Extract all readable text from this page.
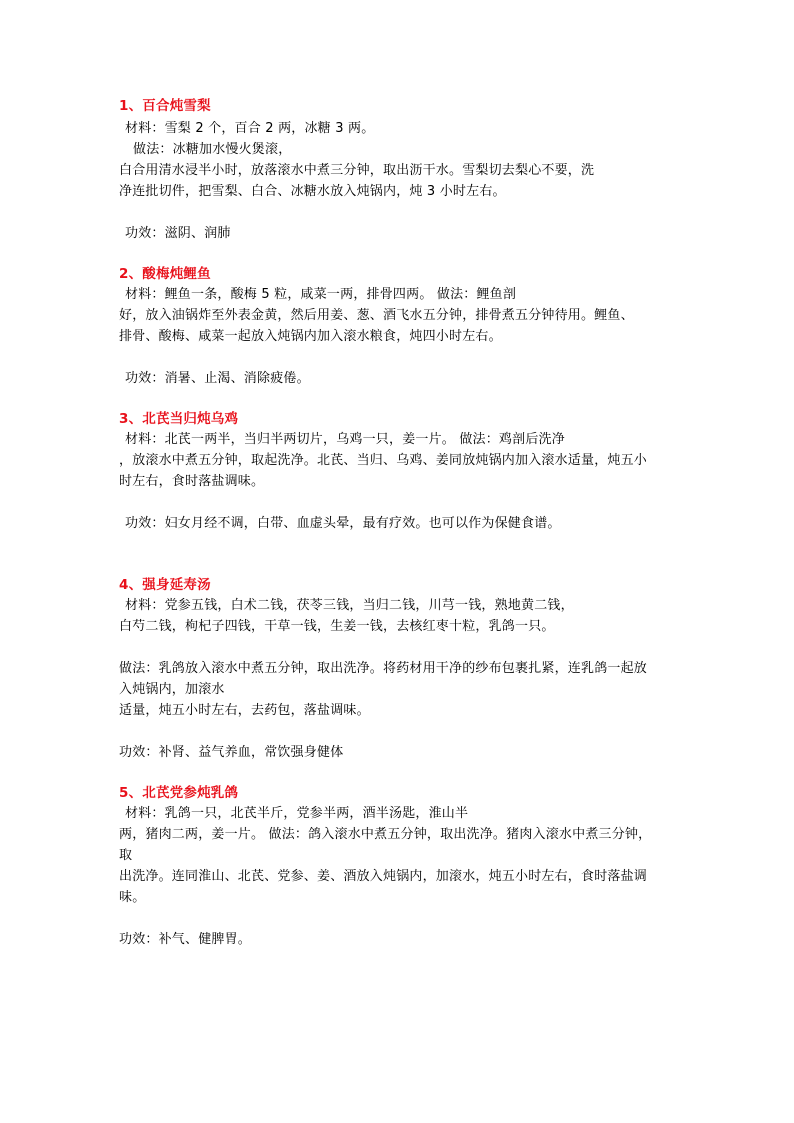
1、百合炖雪梨
材料：雪梨 2 个，百合 2 两，冰糖 3 两。
做法：冰糖加水慢火煲滚，
白合用清水浸半小时，放落滚水中煮三分钟，取出沥干水。雪梨切去梨心不要，洗
净连批切件，把雪梨、白合、冰糖水放入炖锅内，炖 3 小时左右。
功效：滋阴、润肺
2、酸梅炖鲤鱼
材料：鲤鱼一条，酸梅 5 粒，咸菜一两，排骨四两。 做法：鲤鱼剖
好，放入油锅炸至外表金黄，然后用姜、葱、酒飞水五分钟，排骨煮五分钟待用。鲤鱼、
排骨、酸梅、咸菜一起放入炖锅内加入滚水粮食，炖四小时左右。
功效：消暑、止渴、消除疲倦。
3、北芪当归炖乌鸡
材料：北芪一两半，当归半两切片，乌鸡一只，姜一片。 做法：鸡剖后洗净
，放滚水中煮五分钟，取起洗净。北芪、当归、乌鸡、姜同放炖锅内加入滚水适量，炖五小
时左右，食时落盐调味。
功效：妇女月经不调，白带、血虚头晕，最有疗效。也可以作为保健食谱。
4、强身延寿汤
材料：党参五钱，白术二钱，茯苓三钱，当归二钱，川芎一钱，熟地黄二钱，
白芍二钱，枸杞子四钱，干草一钱，生姜一钱，去核红枣十粒，乳鸽一只。
做法：乳鸽放入滚水中煮五分钟，取出洗净。将药材用干净的纱布包裹扎紧，连乳鸽一起放
入炖锅内，加滚水
适量，炖五小时左右，去药包，落盐调味。
功效：补肾、益气养血，常饮强身健体
5、北芪党参炖乳鸽
材料：乳鸽一只，北芪半斤，党参半两，酒半汤匙，淮山半
两，猪肉二两，姜一片。 做法：鸽入滚水中煮五分钟，取出洗净。猪肉入滚水中煮三分钟，
取
出洗净。连同淮山、北芪、党参、姜、酒放入炖锅内，加滚水，炖五小时左右，食时落盐调
味。
功效：补气、健脾胃。
